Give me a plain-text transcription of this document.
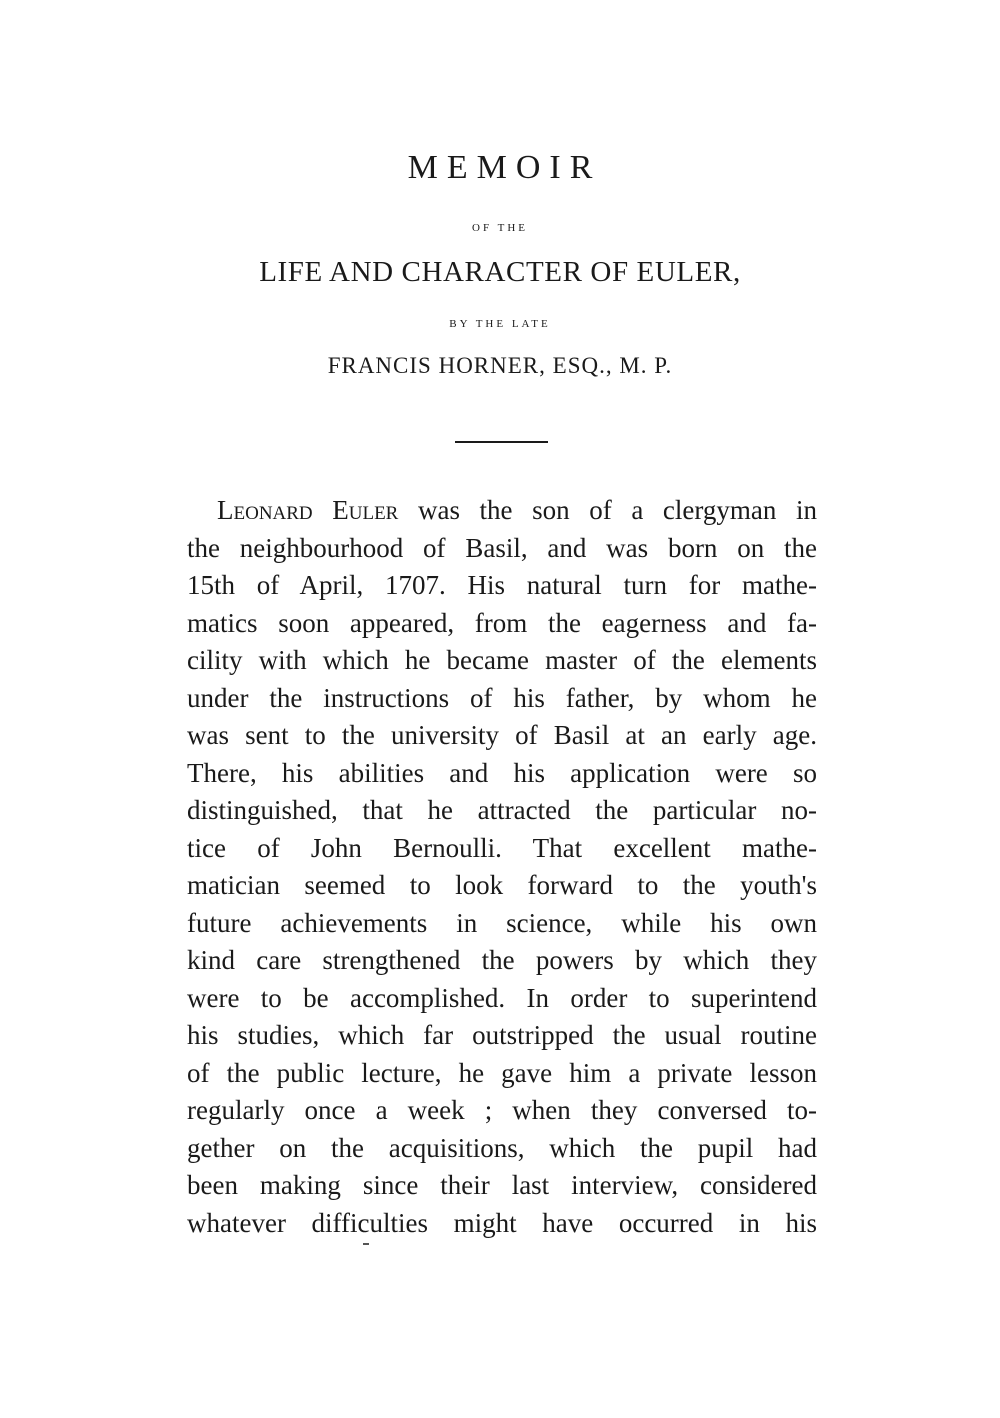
MEMOIR
OF THE
LIFE AND CHARACTER OF EULER,
BY THE LATE
FRANCIS HORNER, ESQ., M. P.
Leonard Euler was the son of a clergyman in
the neighbourhood of Basil, and was born on the
15th of April, 1707. His natural turn for mathe-
matics soon appeared, from the eagerness and fa-
cility with which he became master of the elements
under the instructions of his father, by whom he
was sent to the university of Basil at an early age.
There, his abilities and his application were so
distinguished, that he attracted the particular no-
tice of John Bernoulli. That excellent mathe-
matician seemed to look forward to the youth's
future achievements in science, while his own
kind care strengthened the powers by which they
were to be accomplished. In order to superintend
his studies, which far outstripped the usual routine
of the public lecture, he gave him a private lesson
regularly once a week ; when they conversed to-
gether on the acquisitions, which the pupil had
been making since their last interview, considered
whatever difficulties might have occurred in his
